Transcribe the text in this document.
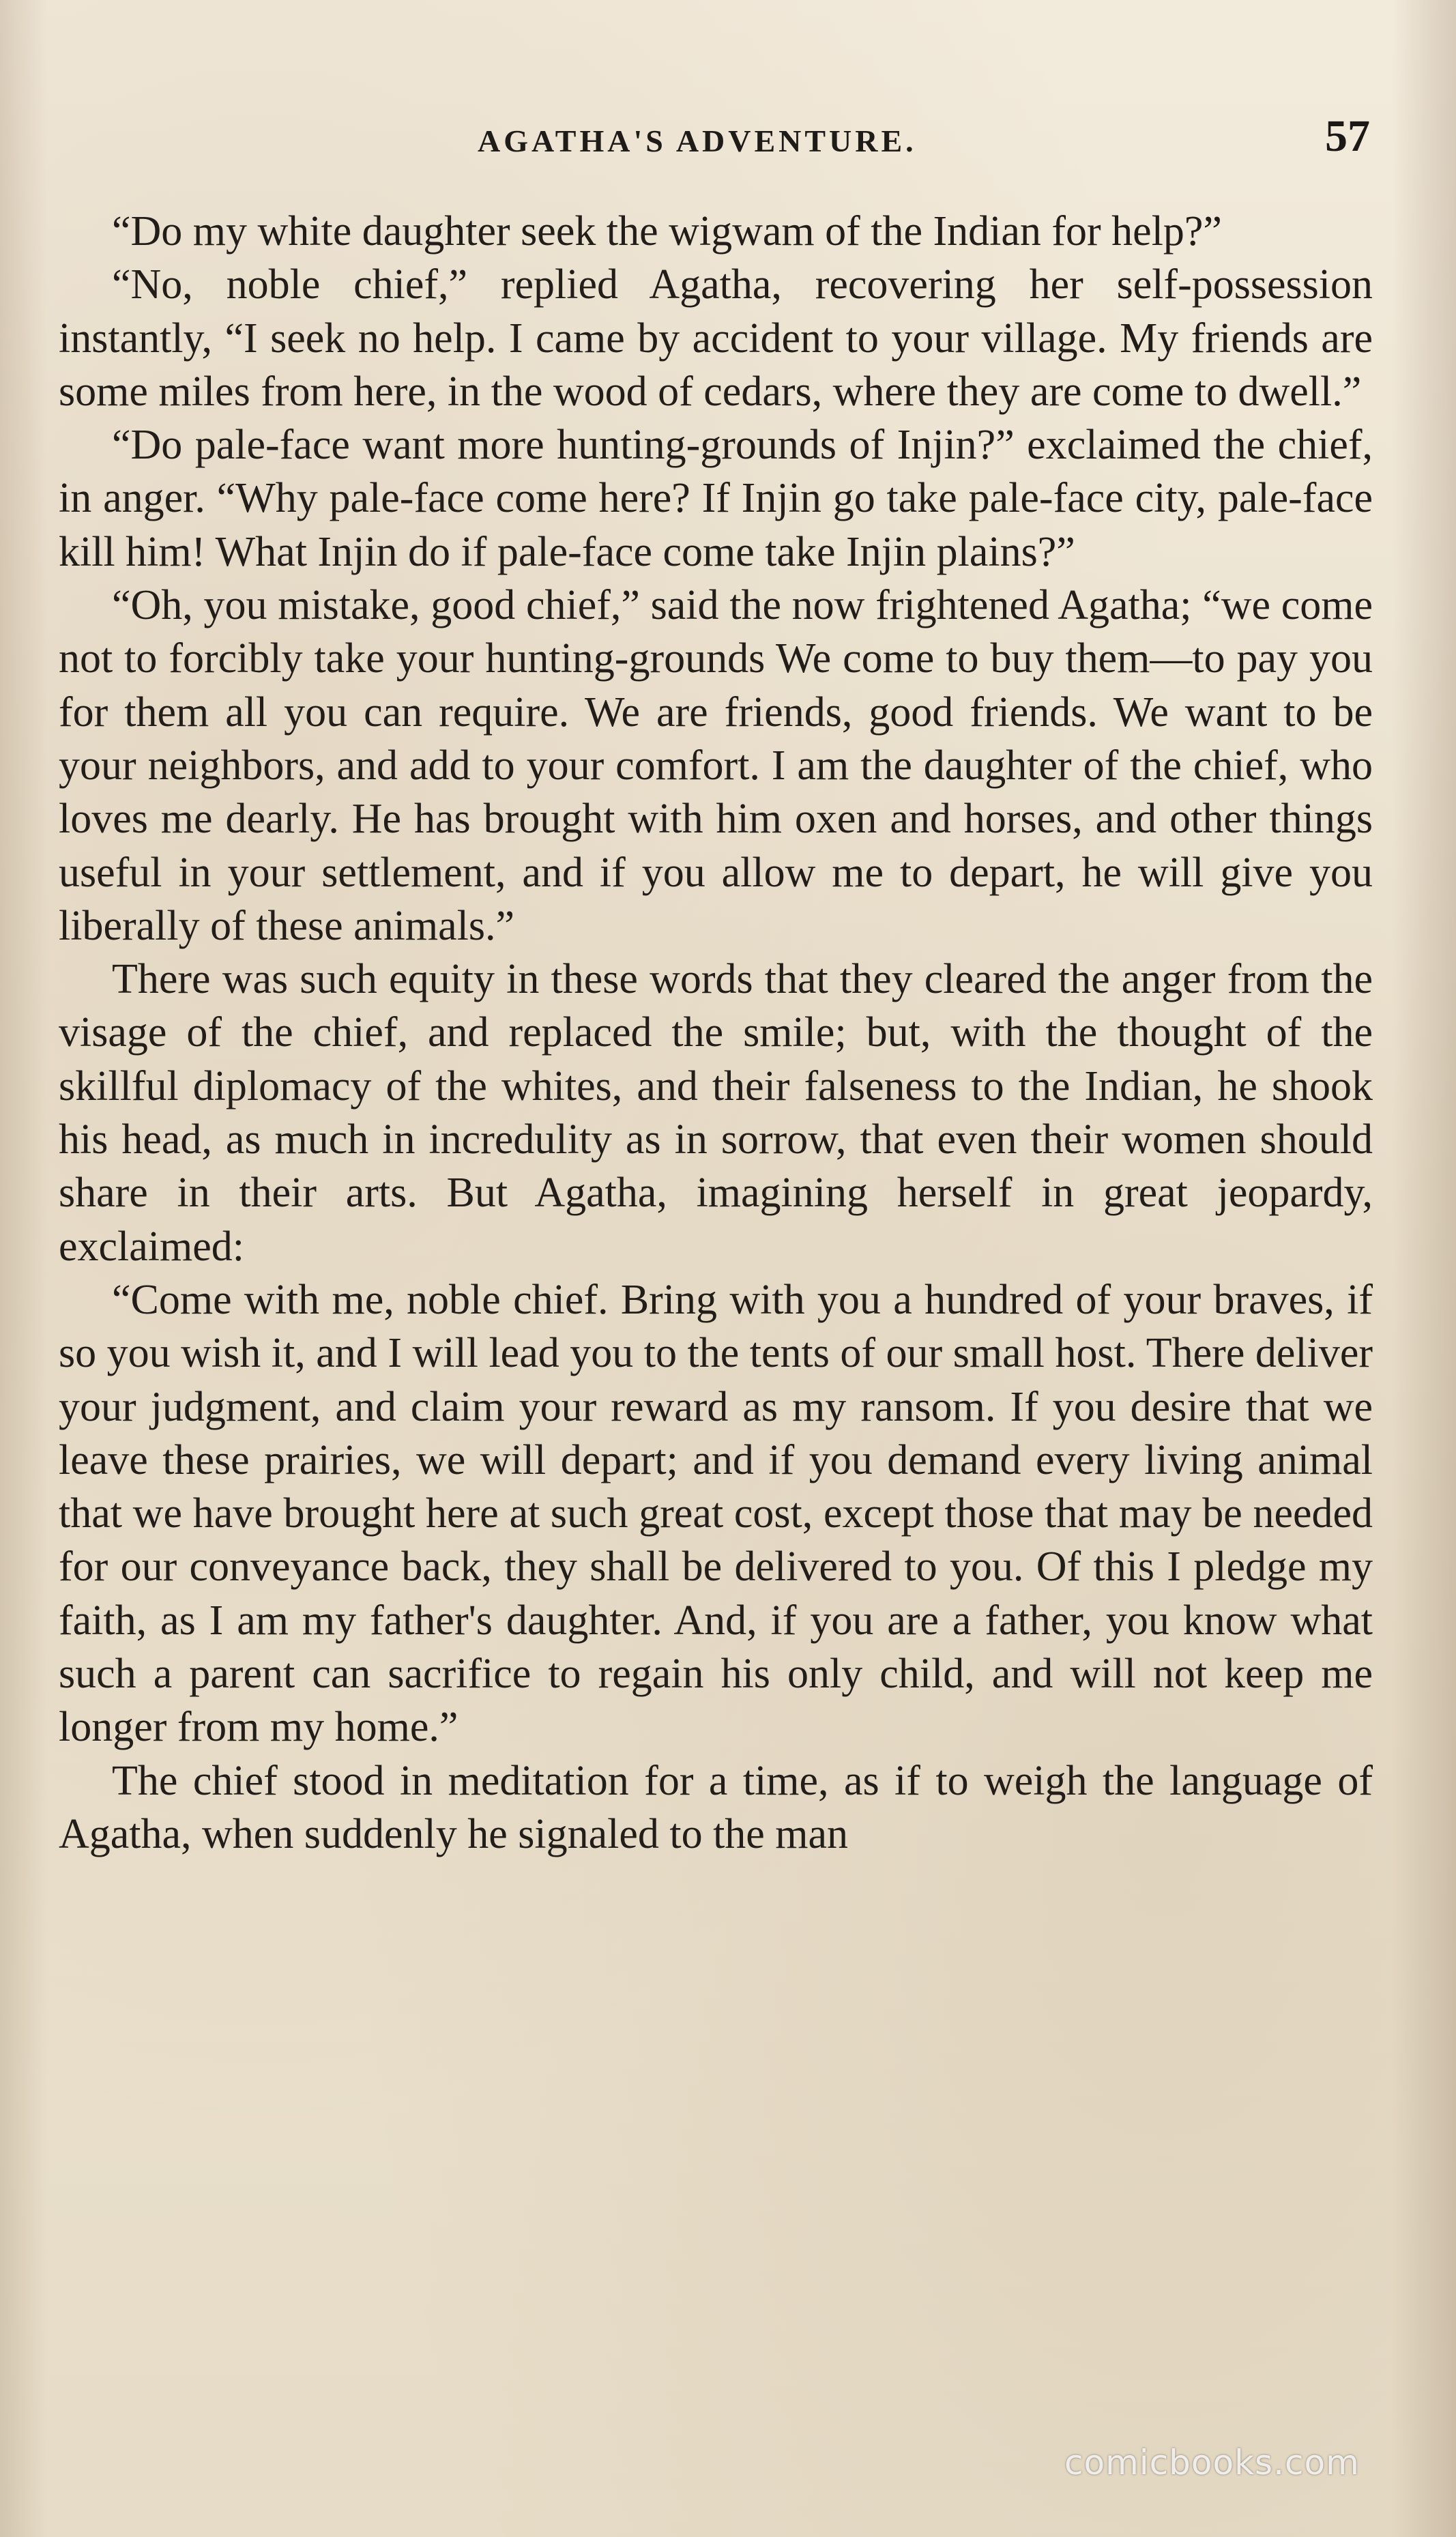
AGATHA'S ADVENTURE.	57

“Do my white daughter seek the wigwam of the Indian for help?”

“No, noble chief,” replied Agatha, recovering her self-possession instantly, “I seek no help. I came by accident to your village. My friends are some miles from here, in the wood of cedars, where they are come to dwell.”

“Do pale-face want more hunting-grounds of Injin?” exclaimed the chief, in anger. “Why pale-face come here? If Injin go take pale-face city, pale-face kill him! What Injin do if pale-face come take Injin plains?”

“Oh, you mistake, good chief,” said the now frightened Agatha; “we come not to forcibly take your hunting-grounds We come to buy them—to pay you for them all you can require. We are friends, good friends. We want to be your neighbors, and add to your comfort. I am the daughter of the chief, who loves me dearly. He has brought with him oxen and horses, and other things useful in your settlement, and if you allow me to depart, he will give you liberally of these animals.”

There was such equity in these words that they cleared the anger from the visage of the chief, and replaced the smile; but, with the thought of the skillful diplomacy of the whites, and their falseness to the Indian, he shook his head, as much in incredulity as in sorrow, that even their women should share in their arts. But Agatha, imagining herself in great jeopardy, exclaimed:

“Come with me, noble chief. Bring with you a hundred of your braves, if so you wish it, and I will lead you to the tents of our small host. There deliver your judgment, and claim your reward as my ransom. If you desire that we leave these prairies, we will depart; and if you demand every living animal that we have brought here at such great cost, except those that may be needed for our conveyance back, they shall be delivered to you. Of this I pledge my faith, as I am my father's daughter. And, if you are a father, you know what such a parent can sacrifice to regain his only child, and will not keep me longer from my home.”

The chief stood in meditation for a time, as if to weigh the language of Agatha, when suddenly he signaled to the man

comicbooks.com
